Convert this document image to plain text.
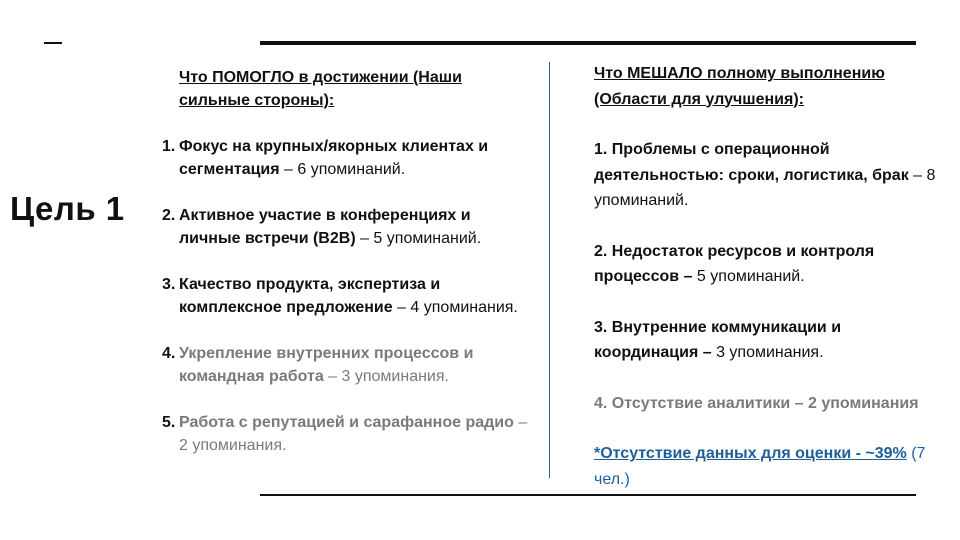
Цель 1
Что ПОМОГЛО в достижении (Наши сильные стороны):
1. Фокус на крупных/якорных клиентах и сегментация – 6 упоминаний.
2. Активное участие в конференциях и личные встречи (B2B) – 5 упоминаний.
3. Качество продукта, экспертиза и комплексное предложение – 4 упоминания.
4. Укрепление внутренних процессов и командная работа – 3 упоминания.
5. Работа с репутацией и сарафанное радио – 2 упоминания.
Что МЕШАЛО полному выполнению (Области для улучшения):
1. Проблемы с операционной деятельностью: сроки, логистика, брак – 8 упоминаний.
2. Недостаток ресурсов и контроля процессов – 5 упоминаний.
3. Внутренние коммуникации и координация – 3 упоминания.
4. Отсутствие аналитики – 2 упоминания
*Отсутствие данных для оценки - ~39% (7 чел.)
